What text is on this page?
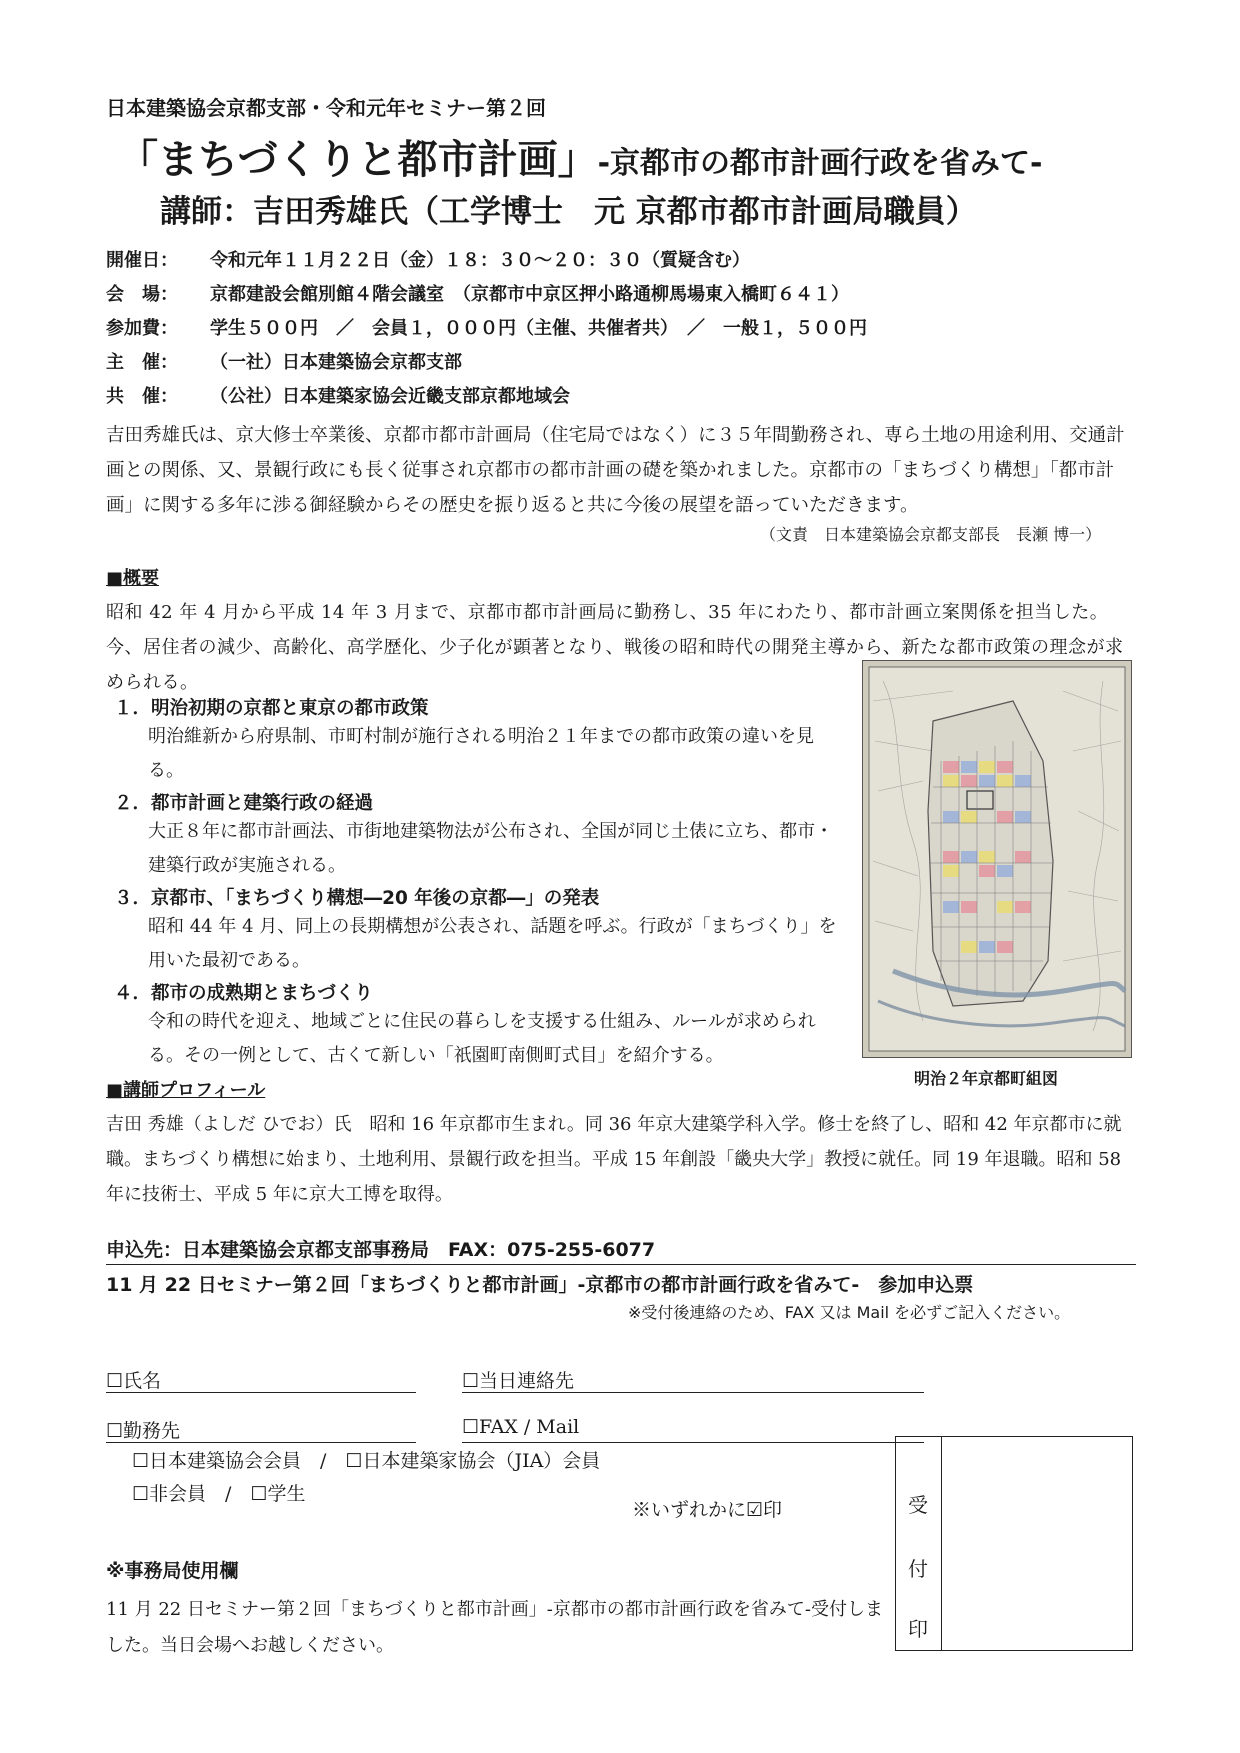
日本建築協会京都支部・令和元年セミナー第２回
「まちづくりと都市計画」-京都市の都市計画行政を省みて-
講師：吉田秀雄氏（工学博士　元 京都市都市計画局職員）
開催日： 令和元年１１月２２日（金）１８：３０～２０：３０（質疑含む）
会　場： 京都建設会館別館４階会議室　（京都市中京区押小路通柳馬場東入橋町６４１）
参加費： 学生５００円　／　会員１，０００円（主催、共催者共）　／　一般１，５００円
主　催： （一社）日本建築協会京都支部
共　催： （公社）日本建築家協会近畿支部京都地域会
吉田秀雄氏は、京大修士卒業後、京都市都市計画局（住宅局ではなく）に３５年間勤務され、専ら土地の用途利用、交通計画との関係、又、景観行政にも長く従事され京都市の都市計画の礎を築かれました。京都市の「まちづくり構想」「都市計画」に関する多年に渉る御経験からその歴史を振り返ると共に今後の展望を語っていただきます。
（文責　日本建築協会京都支部長　長瀬 博一）
■概要
昭和 42 年 4 月から平成 14 年 3 月まで、京都市都市計画局に勤務し、35 年にわたり、都市計画立案関係を担当した。今、居住者の減少、高齢化、高学歴化、少子化が顕著となり、戦後の昭和時代の開発主導から、新たな都市政策の理念が求められる。
１．明治初期の京都と東京の都市政策
明治維新から府県制、市町村制が施行される明治２１年までの都市政策の違いを見る。
２．都市計画と建築行政の経過
大正８年に都市計画法、市街地建築物法が公布され、全国が同じ土俵に立ち、都市・建築行政が実施される。
３．京都市、「まちづくり構想―20 年後の京都―」の発表
昭和 44 年 4 月、同上の長期構想が公表され、話題を呼ぶ。行政が「まちづくり」を用いた最初である。
４．都市の成熟期とまちづくり
令和の時代を迎え、地域ごとに住民の暮らしを支援する仕組み、ルールが求められる。その一例として、古くて新しい「祇園町南側町式目」を紹介する。
明治２年京都町組図
■講師プロフィール
吉田 秀雄（よしだ ひでお）氏　昭和 16 年京都市生まれ。同 36 年京大建築学科入学。修士を終了し、昭和 42 年京都市に就職。まちづくり構想に始まり、土地利用、景観行政を担当。平成 15 年創設「畿央大学」教授に就任。同 19 年退職。昭和 58 年に技術士、平成 5 年に京大工博を取得。
申込先：日本建築協会京都支部事務局　FAX：075-255-6077
11 月 22 日セミナー第２回「まちづくりと都市計画」-京都市の都市計画行政を省みて-　参加申込票
※受付後連絡のため、FAX 又は Mail を必ずご記入ください。
☐氏名	☐当日連絡先
☐勤務先	☐FAX / Mail
☐日本建築協会会員　/　☐日本建築家協会（JIA）会員
☐非会員　/　☐学生
※いずれかに☑印	受
付
印
※事務局使用欄
11 月 22 日セミナー第２回「まちづくりと都市計画」-京都市の都市計画行政を省みて-受付しました。当日会場へお越しください。
